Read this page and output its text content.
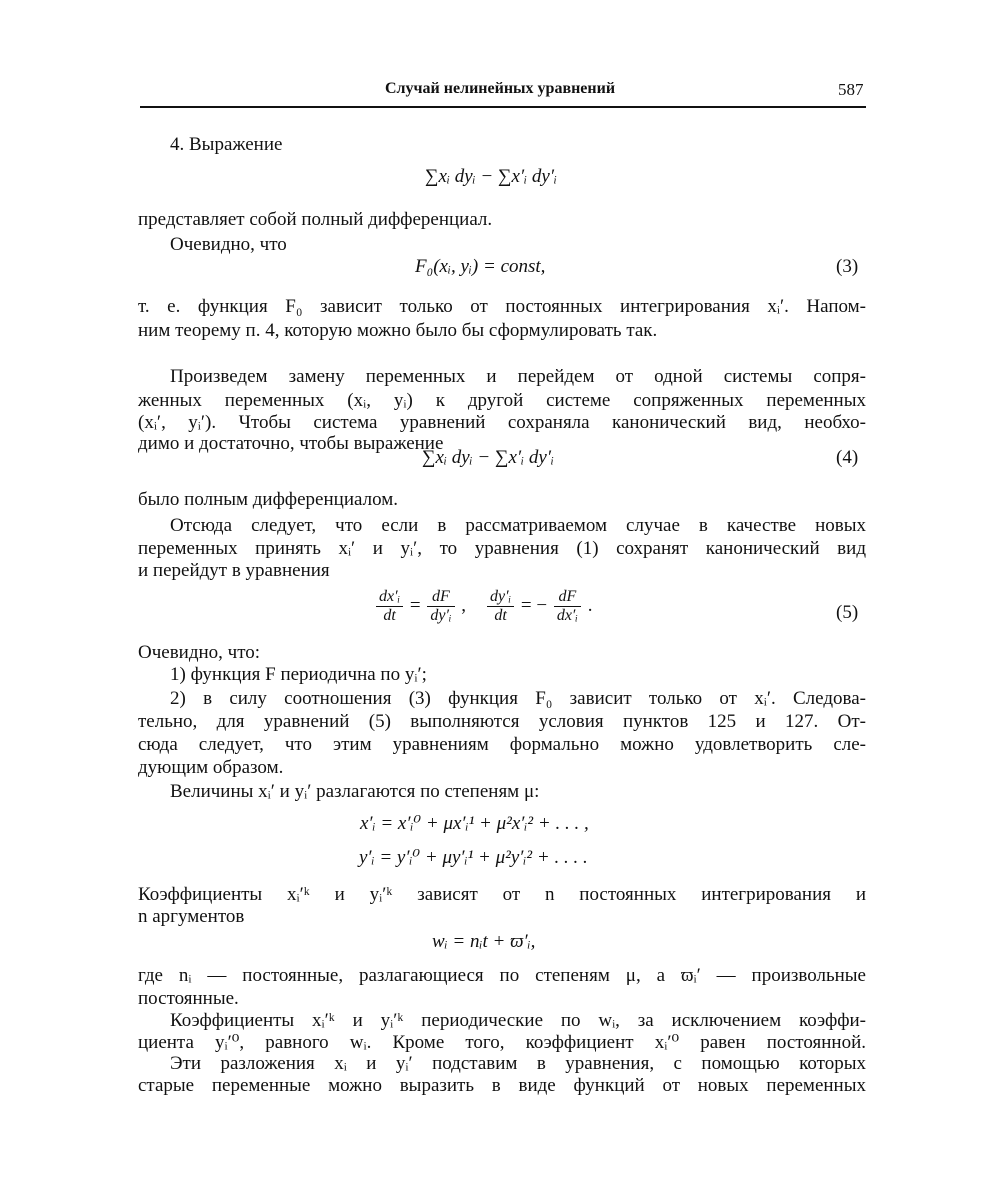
Случай нелинейных уравнений	587
4. Выражение
∑xᵢ dyᵢ − ∑x′ᵢ dy′ᵢ
представляет собой полный дифференциал.
Очевидно, что
F₀(xᵢ, yᵢ) = const,	(3)
т. е. функция F₀ зависит только от постоянных интегрирования xᵢ′. Напом-
ним теорему п. 4, которую можно было бы сформулировать так.
Произведем замену переменных и перейдем от одной системы сопря-
женных переменных (xᵢ, yᵢ) к другой системе сопряженных переменных
(xᵢ′, yᵢ′). Чтобы система уравнений сохраняла канонический вид, необхо-
димо и достаточно, чтобы выражение
∑xᵢ dyᵢ − ∑x′ᵢ dy′ᵢ	(4)
было полным дифференциалом.
Отсюда следует, что если в рассматриваемом случае в качестве новых
переменных принять xᵢ′ и yᵢ′, то уравнения (1) сохранят канонический вид
и перейдут в уравнения
$\frac{\text{dx′ᵢ}}{dt} = \frac{dF}{\text{dy′ᵢ}}$ , $\frac{\text{dy′ᵢ}}{dt}$ = − $\frac{dF}{\text{dx′ᵢ}}$ .	(5)
Очевидно, что:
1) функция F периодична по yᵢ′;
2) в силу соотношения (3) функция F₀ зависит только от xᵢ′. Следова-
тельно, для уравнений (5) выполняются условия пунктов 125 и 127. От-
сюда следует, что этим уравнениям формально можно удовлетворить сле-
дующим образом.
Величины xᵢ′ и yᵢ′ разлагаются по степеням μ:
x′ᵢ = x′ᵢ⁰ + μx′ᵢ¹ + μ²x′ᵢ² + . . . ,
y′ᵢ = y′ᵢ⁰ + μy′ᵢ¹ + μ²y′ᵢ² + . . . .
Коэффициенты xᵢ′ᵏ и yᵢ′ᵏ зависят от n постоянных интегрирования и
n аргументов
wᵢ = nᵢt + ϖ′ᵢ,
где nᵢ — постоянные, разлагающиеся по степеням μ, а ϖᵢ′ — произвольные
постоянные.
Коэффициенты xᵢ′ᵏ и yᵢ′ᵏ периодические по wᵢ, за исключением коэффи-
циента yᵢ′⁰, равного wᵢ. Кроме того, коэффициент xᵢ′⁰ равен постоянной.
Эти разложения xᵢ и yᵢ′ подставим в уравнения, с помощью которых
старые переменные можно выразить в виде функций от новых переменных
